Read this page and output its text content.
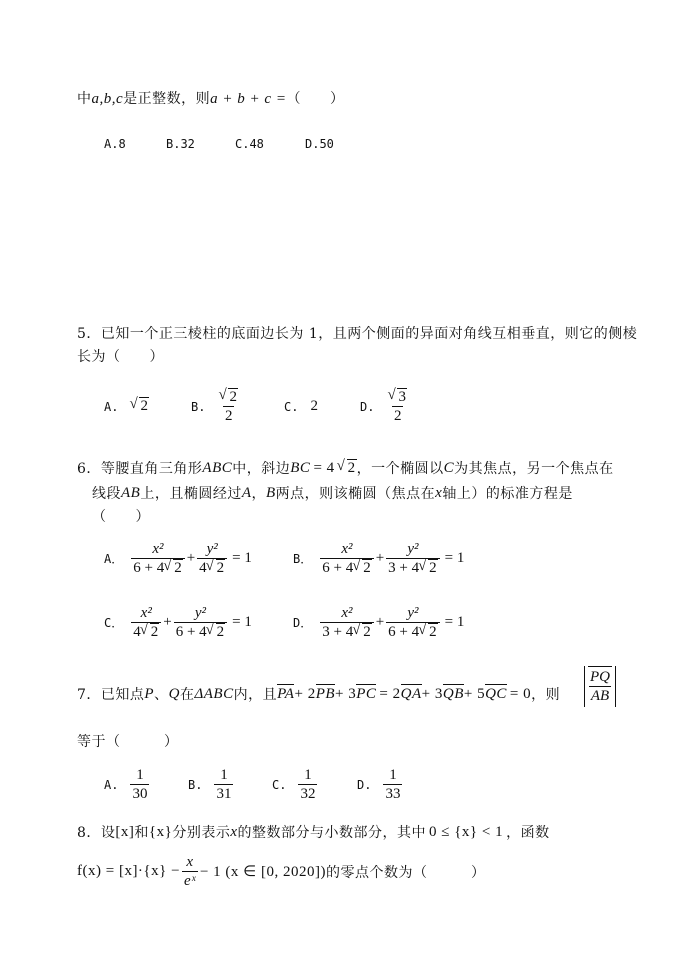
中a,b,c是正整数，则a + b + c =（　　）
A.8	B.32	C.48	D.50
5．已知一个正三棱柱的底面边长为 1，且两个侧面的异面对角线互相垂直，则它的侧棱
长为（　　）
A.	√ 2	B. √ $\frac{2}{2}$	C. 2	D. √ $\frac{3}{2}$
6．等腰直角三角形 ABC 中，斜边 BC = 4 √ 2 ，一个椭圆以 C 为其焦点，另一个焦点在
线段 AB 上，且椭圆经过 A ， B 两点，则该椭圆（焦点在 x 轴上）的标准方程是
（　　）
A． $\frac{\text{x²}}{6 + 4 √ 2} + \frac{\text{y²}}{4 √ 2} = 1$	B． $\frac{\text{x²}}{6 + 4 √ 2} + \frac{\text{y²}}{3 + 4 √ 2} = 1$
C． $\frac{\text{x²}}{4 √ 2} + \frac{\text{y²}}{6 + 4 √ 2} = 1$	D． $\frac{\text{x²}}{3 + 4 √ 2} + \frac{\text{y²}}{6 + 4 √ 2} = 1$
7．已知点 P 、 Q 在 ΔABC 内，且 PA + 2 PB + 3 PC = 2 QA + 3 QB + 5 QC = 0 ，则 $\frac{PQ}{AB}$
等于（　　　）
A. $\frac{1}{30}$	B. $\frac{1}{31}$	C. $\frac{1}{32}$	D. $\frac{1}{33}$
8．设 [x] 和 {x} 分别表示 x 的整数部分与小数部分，其中 0 ≤ {x} < 1 ，函数
$f(x) = [x]\cdot\{x\} - \frac{x}{\text{eˣ}} - 1$ (x ∈ [0, 2020]) 的零点个数为（　　　）
